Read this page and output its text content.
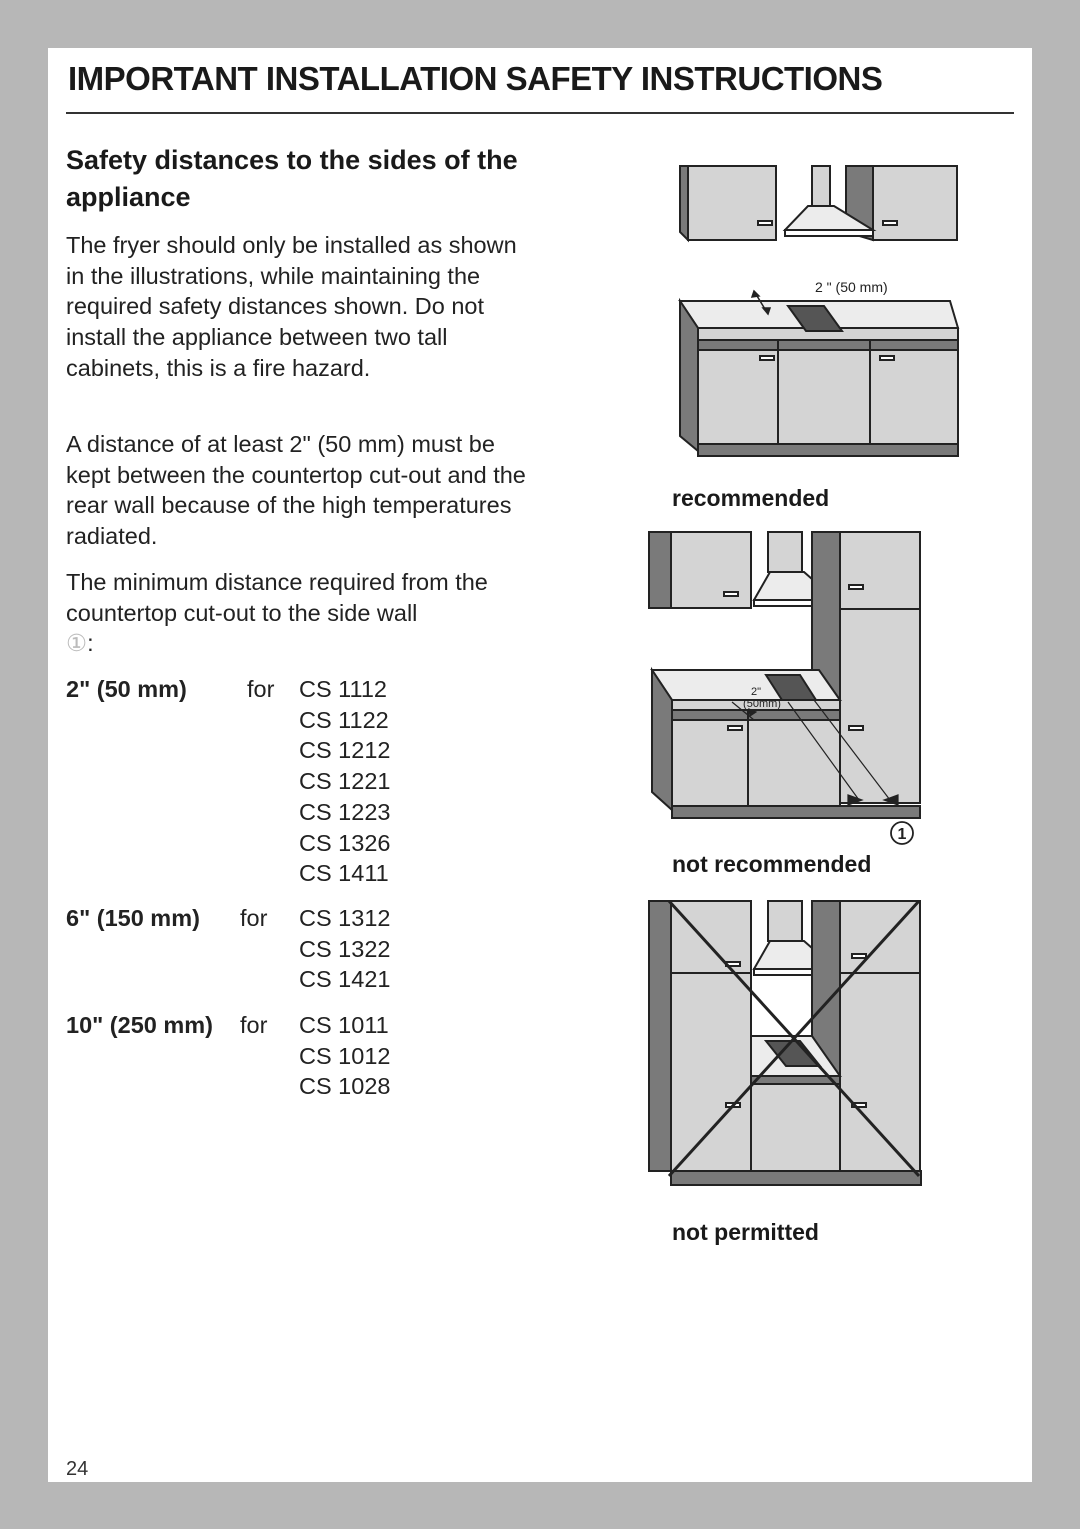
IMPORTANT INSTALLATION SAFETY INSTRUCTIONS
Safety distances to the sides of the appliance
The fryer should only be installed as shown in the illustrations, while maintaining the required safety distances shown. Do not install the appliance between two tall cabinets, this is a fire hazard.
A distance of at least 2" (50 mm) must be kept between the countertop cut-out and the rear wall because of the high temperatures radiated.
The minimum distance required from the countertop cut-out to the side wall
①:
2" (50 mm)	for CS 1112
CS 1122
CS 1212
CS 1221
CS 1223
CS 1326
CS 1411
6" (150 mm) for CS 1312
CS 1322
CS 1421
10" (250 mm) for CS 1011
CS 1012
CS 1028
2 " (50 mm)
recommended
1
2"
(50mm)
not recommended
not permitted
24
